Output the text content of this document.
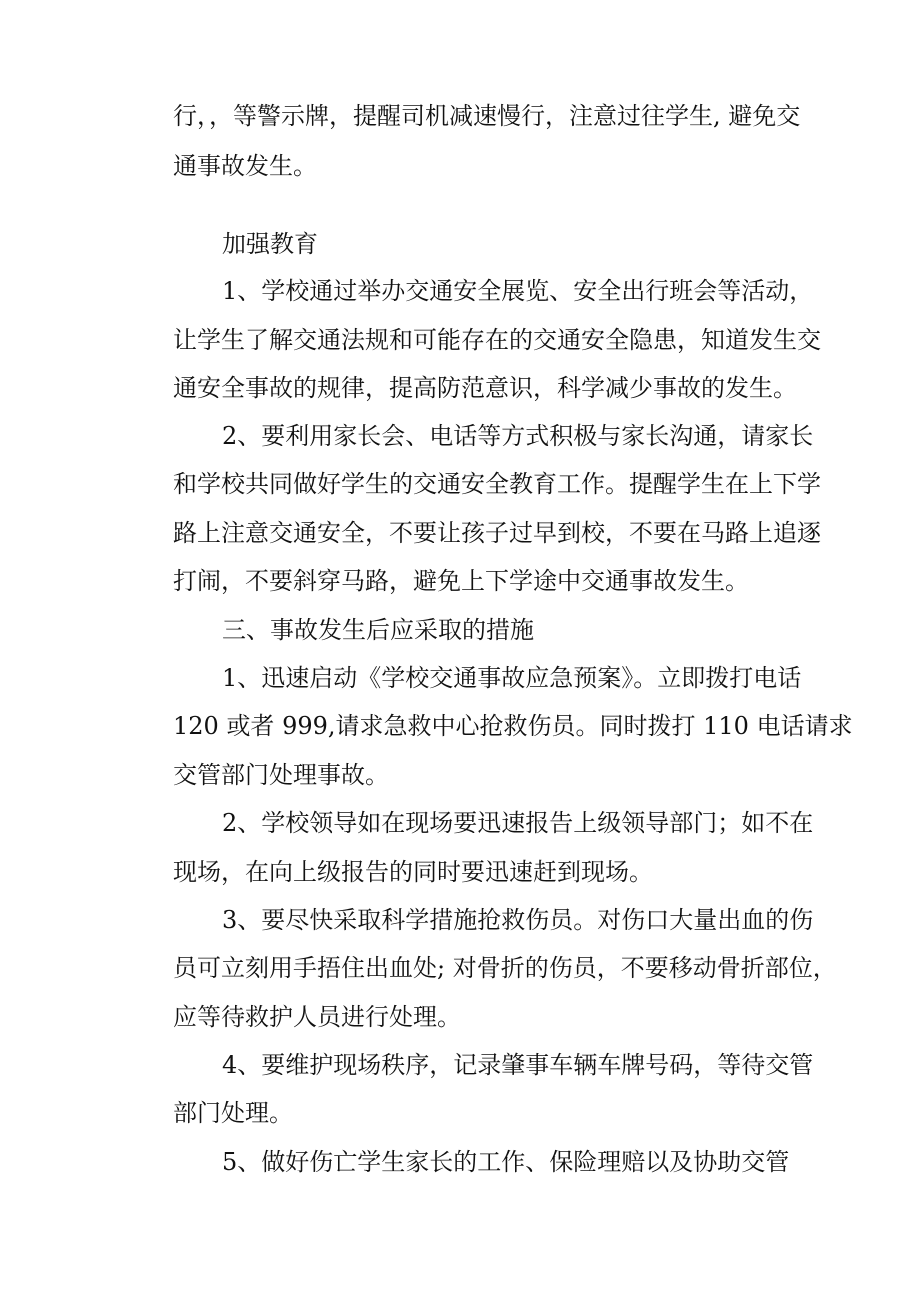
行，，等警示牌，提醒司机减速慢行，注意过往学生, 避免交
通事故发生。
加强教育
1、学校通过举办交通安全展览、安全出行班会等活动，
让学生了解交通法规和可能存在的交通安全隐患，知道发生交
通安全事故的规律，提高防范意识，科学减少事故的发生。
2、要利用家长会、电话等方式积极与家长沟通，请家长
和学校共同做好学生的交通安全教育工作。提醒学生在上下学
路上注意交通安全，不要让孩子过早到校，不要在马路上追逐
打闹，不要斜穿马路，避免上下学途中交通事故发生。
三、事故发生后应采取的措施
1、迅速启动《学校交通事故应急预案》。立即拨打电话
120 或者 999,请求急救中心抢救伤员。同时拨打 110 电话请求
交管部门处理事故。
2、学校领导如在现场要迅速报告上级领导部门；如不在
现场，在向上级报告的同时要迅速赶到现场。
3、要尽快采取科学措施抢救伤员。对伤口大量出血的伤
员可立刻用手捂住出血处; 对骨折的伤员，不要移动骨折部位，
应等待救护人员进行处理。
4、要维护现场秩序，记录肇事车辆车牌号码，等待交管
部门处理。
5、做好伤亡学生家长的工作、保险理赔以及协助交管
